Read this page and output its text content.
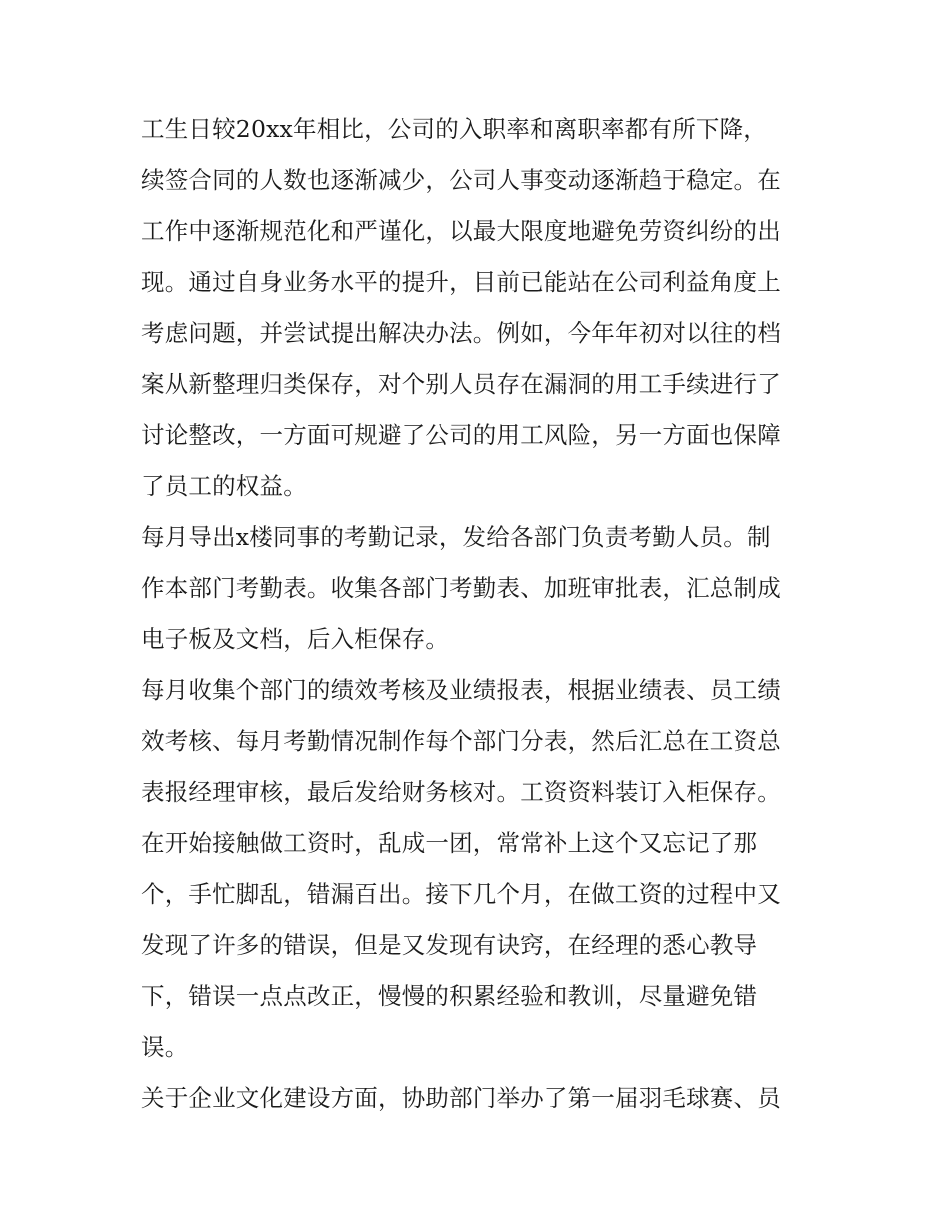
工生日较20xx年相比，公司的入职率和离职率都有所下降，
续签合同的人数也逐渐减少，公司人事变动逐渐趋于稳定。在
工作中逐渐规范化和严谨化，以最大限度地避免劳资纠纷的出
现。通过自身业务水平的提升，目前已能站在公司利益角度上
考虑问题，并尝试提出解决办法。例如，今年年初对以往的档
案从新整理归类保存，对个别人员存在漏洞的用工手续进行了
讨论整改，一方面可规避了公司的用工风险，另一方面也保障
了员工的权益。
每月导出x楼同事的考勤记录，发给各部门负责考勤人员。制
作本部门考勤表。收集各部门考勤表、加班审批表，汇总制成
电子板及文档，后入柜保存。
每月收集个部门的绩效考核及业绩报表，根据业绩表、员工绩
效考核、每月考勤情况制作每个部门分表，然后汇总在工资总
表报经理审核，最后发给财务核对。工资资料装订入柜保存。
在开始接触做工资时，乱成一团，常常补上这个又忘记了那
个，手忙脚乱，错漏百出。接下几个月，在做工资的过程中又
发现了许多的错误，但是又发现有诀窍，在经理的悉心教导
下，错误一点点改正，慢慢的积累经验和教训，尽量避免错
误。
关于企业文化建设方面，协助部门举办了第一届羽毛球赛、员
